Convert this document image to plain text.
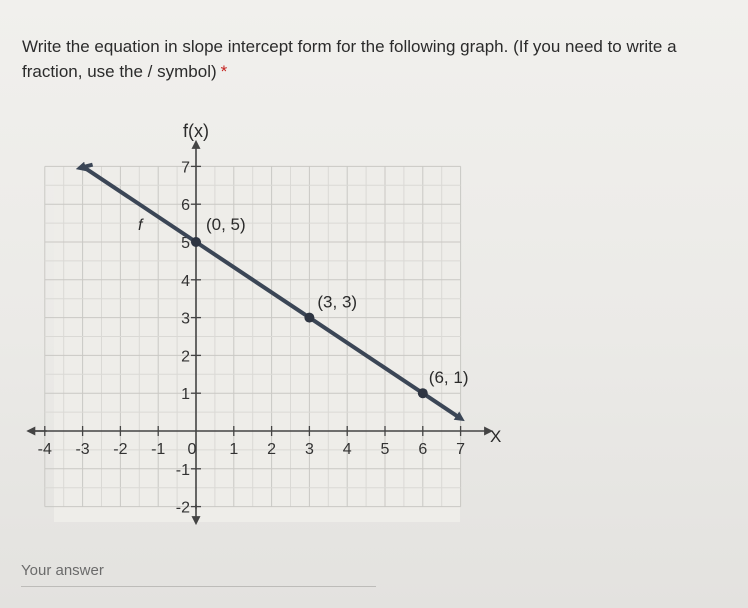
Write the equation in slope intercept form for the following graph. (If you need to write a fraction, use the / symbol) *
7
6
5
4
3
2
1
-1
-2
-4 -3 -2 -1 0 1 2 3 4 5 6 7
(0, 5)
(3, 3)
(6, 1)
f(x)
X
f
Your answer
